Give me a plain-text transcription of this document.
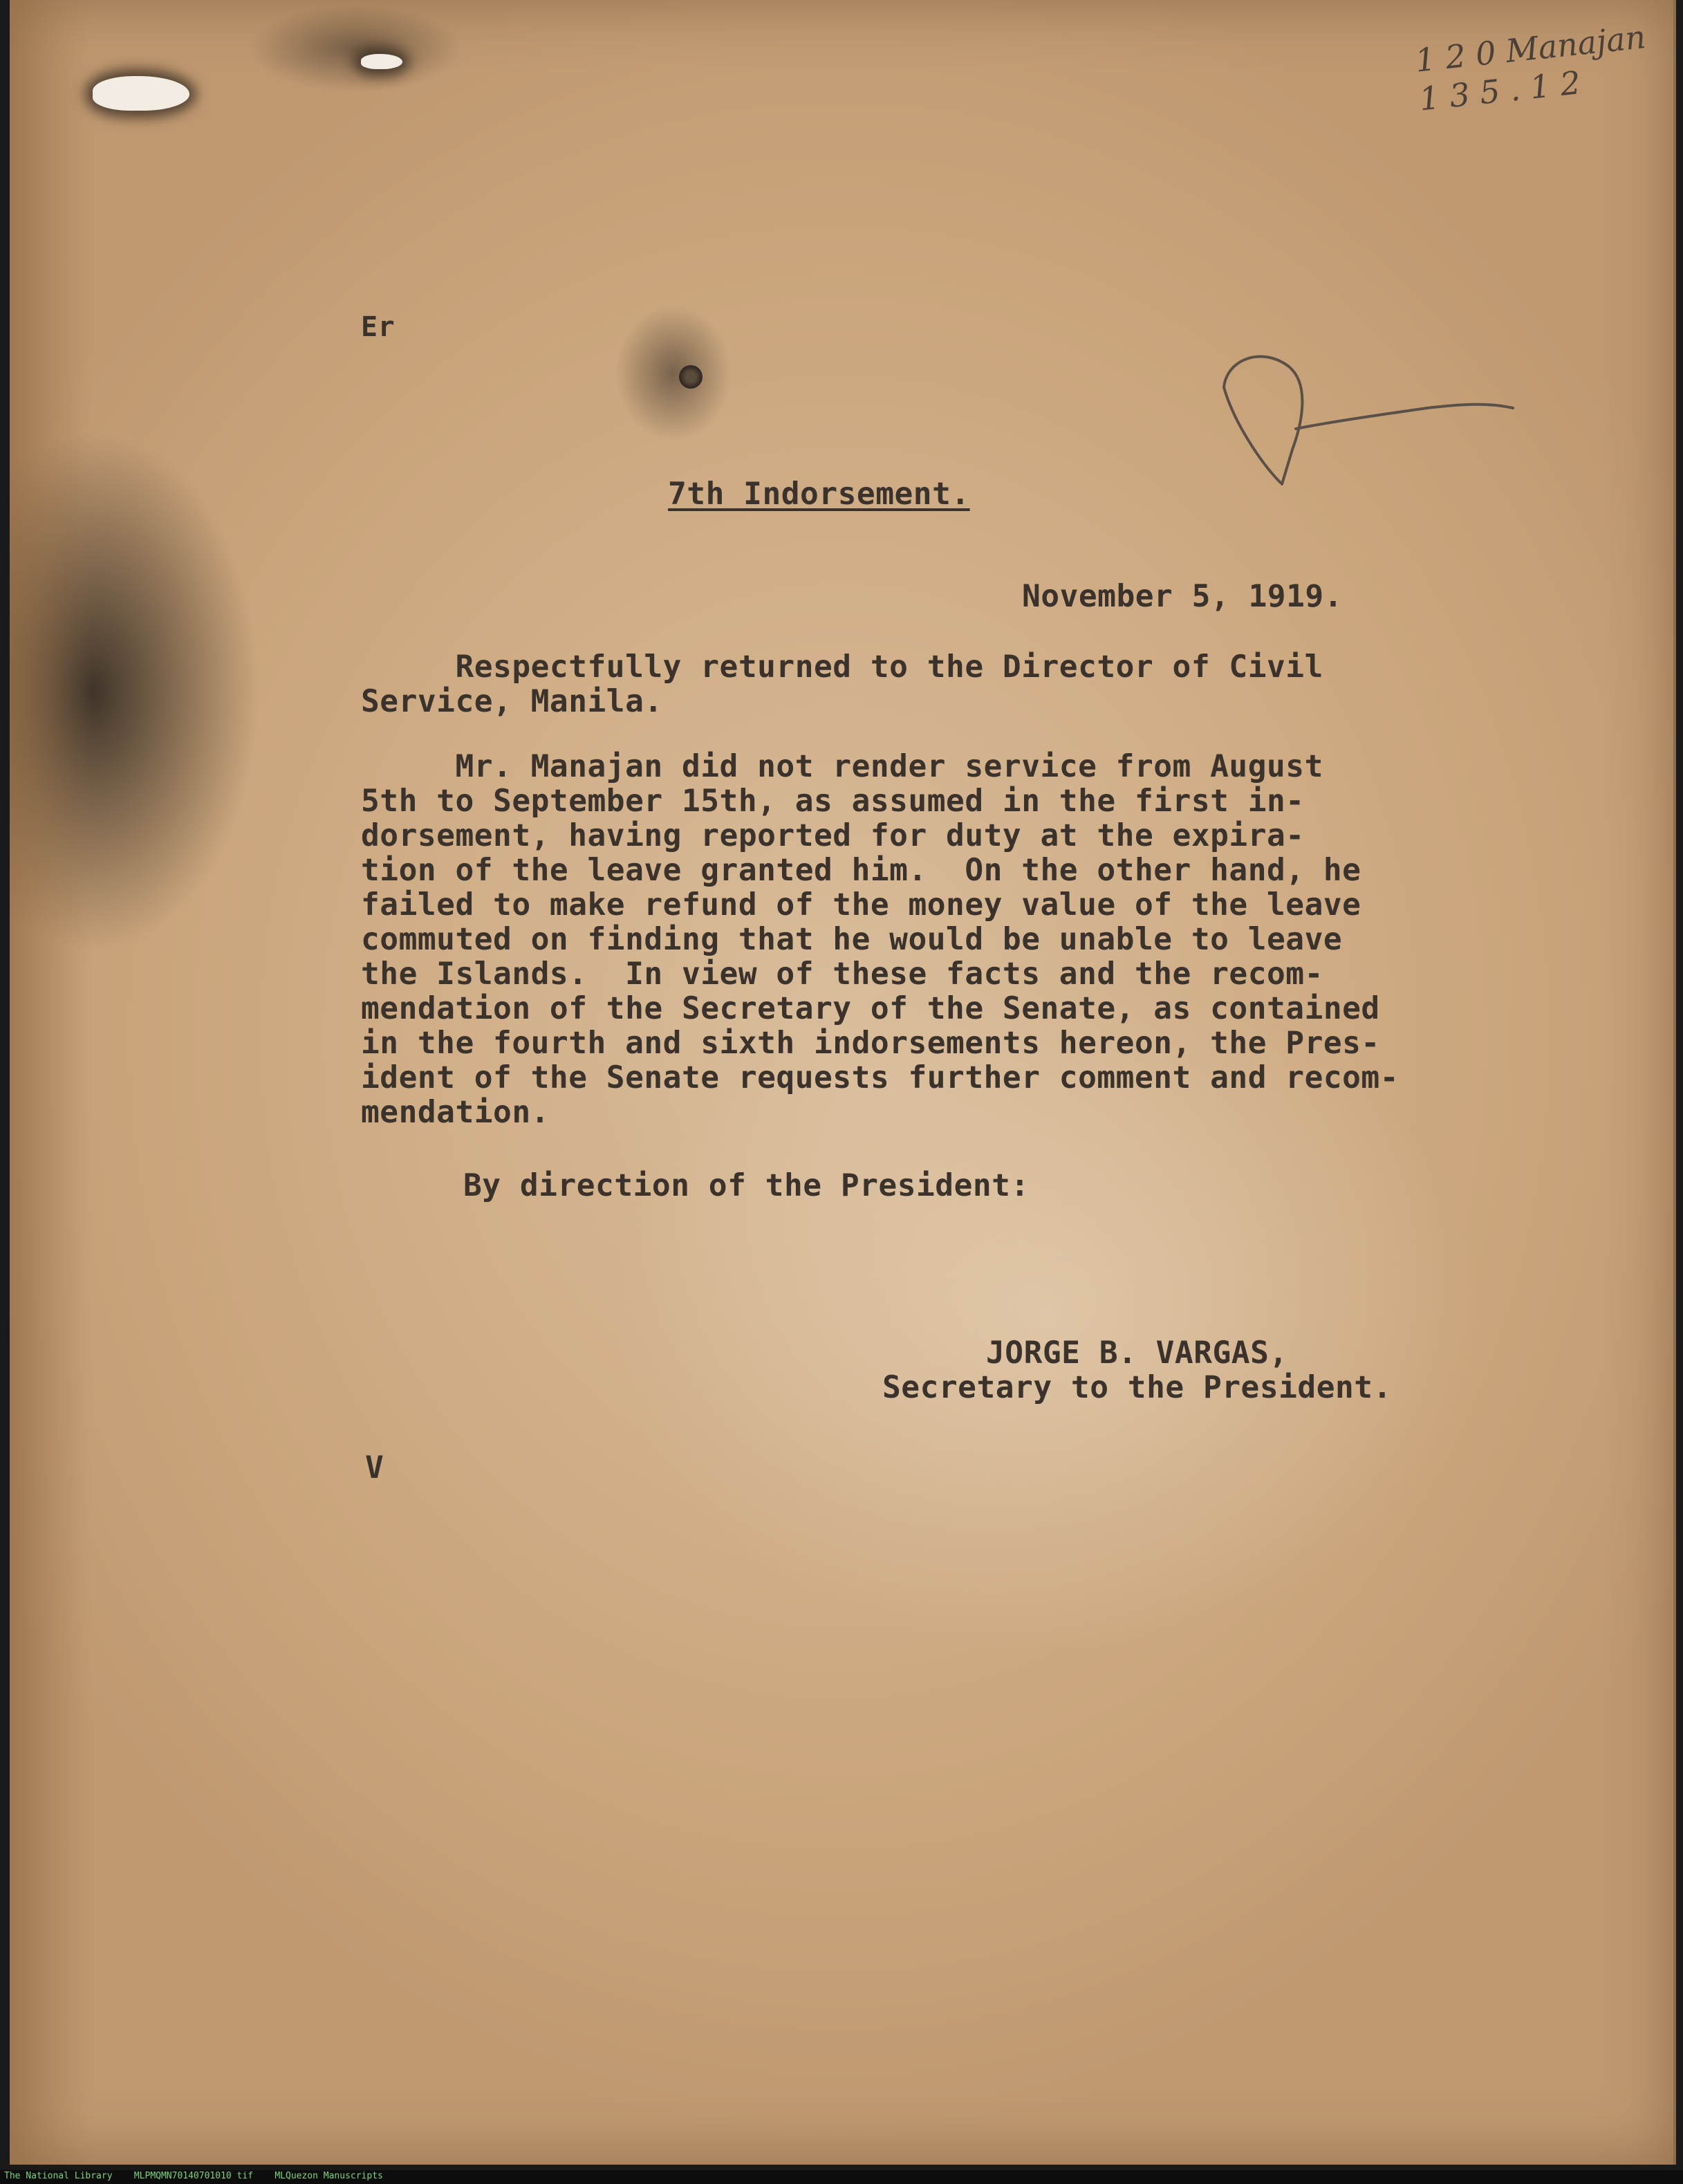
1 2 0 Manajan
1 3 5 . 1 2

Er

7th Indorsement.

November 5, 1919.

Respectfully returned to the Director of Civil
Service, Manila.

Mr. Manajan did not render service from August
5th to September 15th, as assumed in the first in-
dorsement, having reported for duty at the expira-
tion of the leave granted him.  On the other hand, he
failed to make refund of the money value of the leave
commuted on finding that he would be unable to leave
the Islands.  In view of these facts and the recom-
mendation of the Secretary of the Senate, as contained
in the fourth and sixth indorsements hereon, the Pres-
ident of the Senate requests further comment and recom-
mendation.

By direction of the President:

JORGE B. VARGAS,

Secretary to the President.

V

The National Library    MLPMQMN70140701010 tif    MLQuezon Manuscripts
